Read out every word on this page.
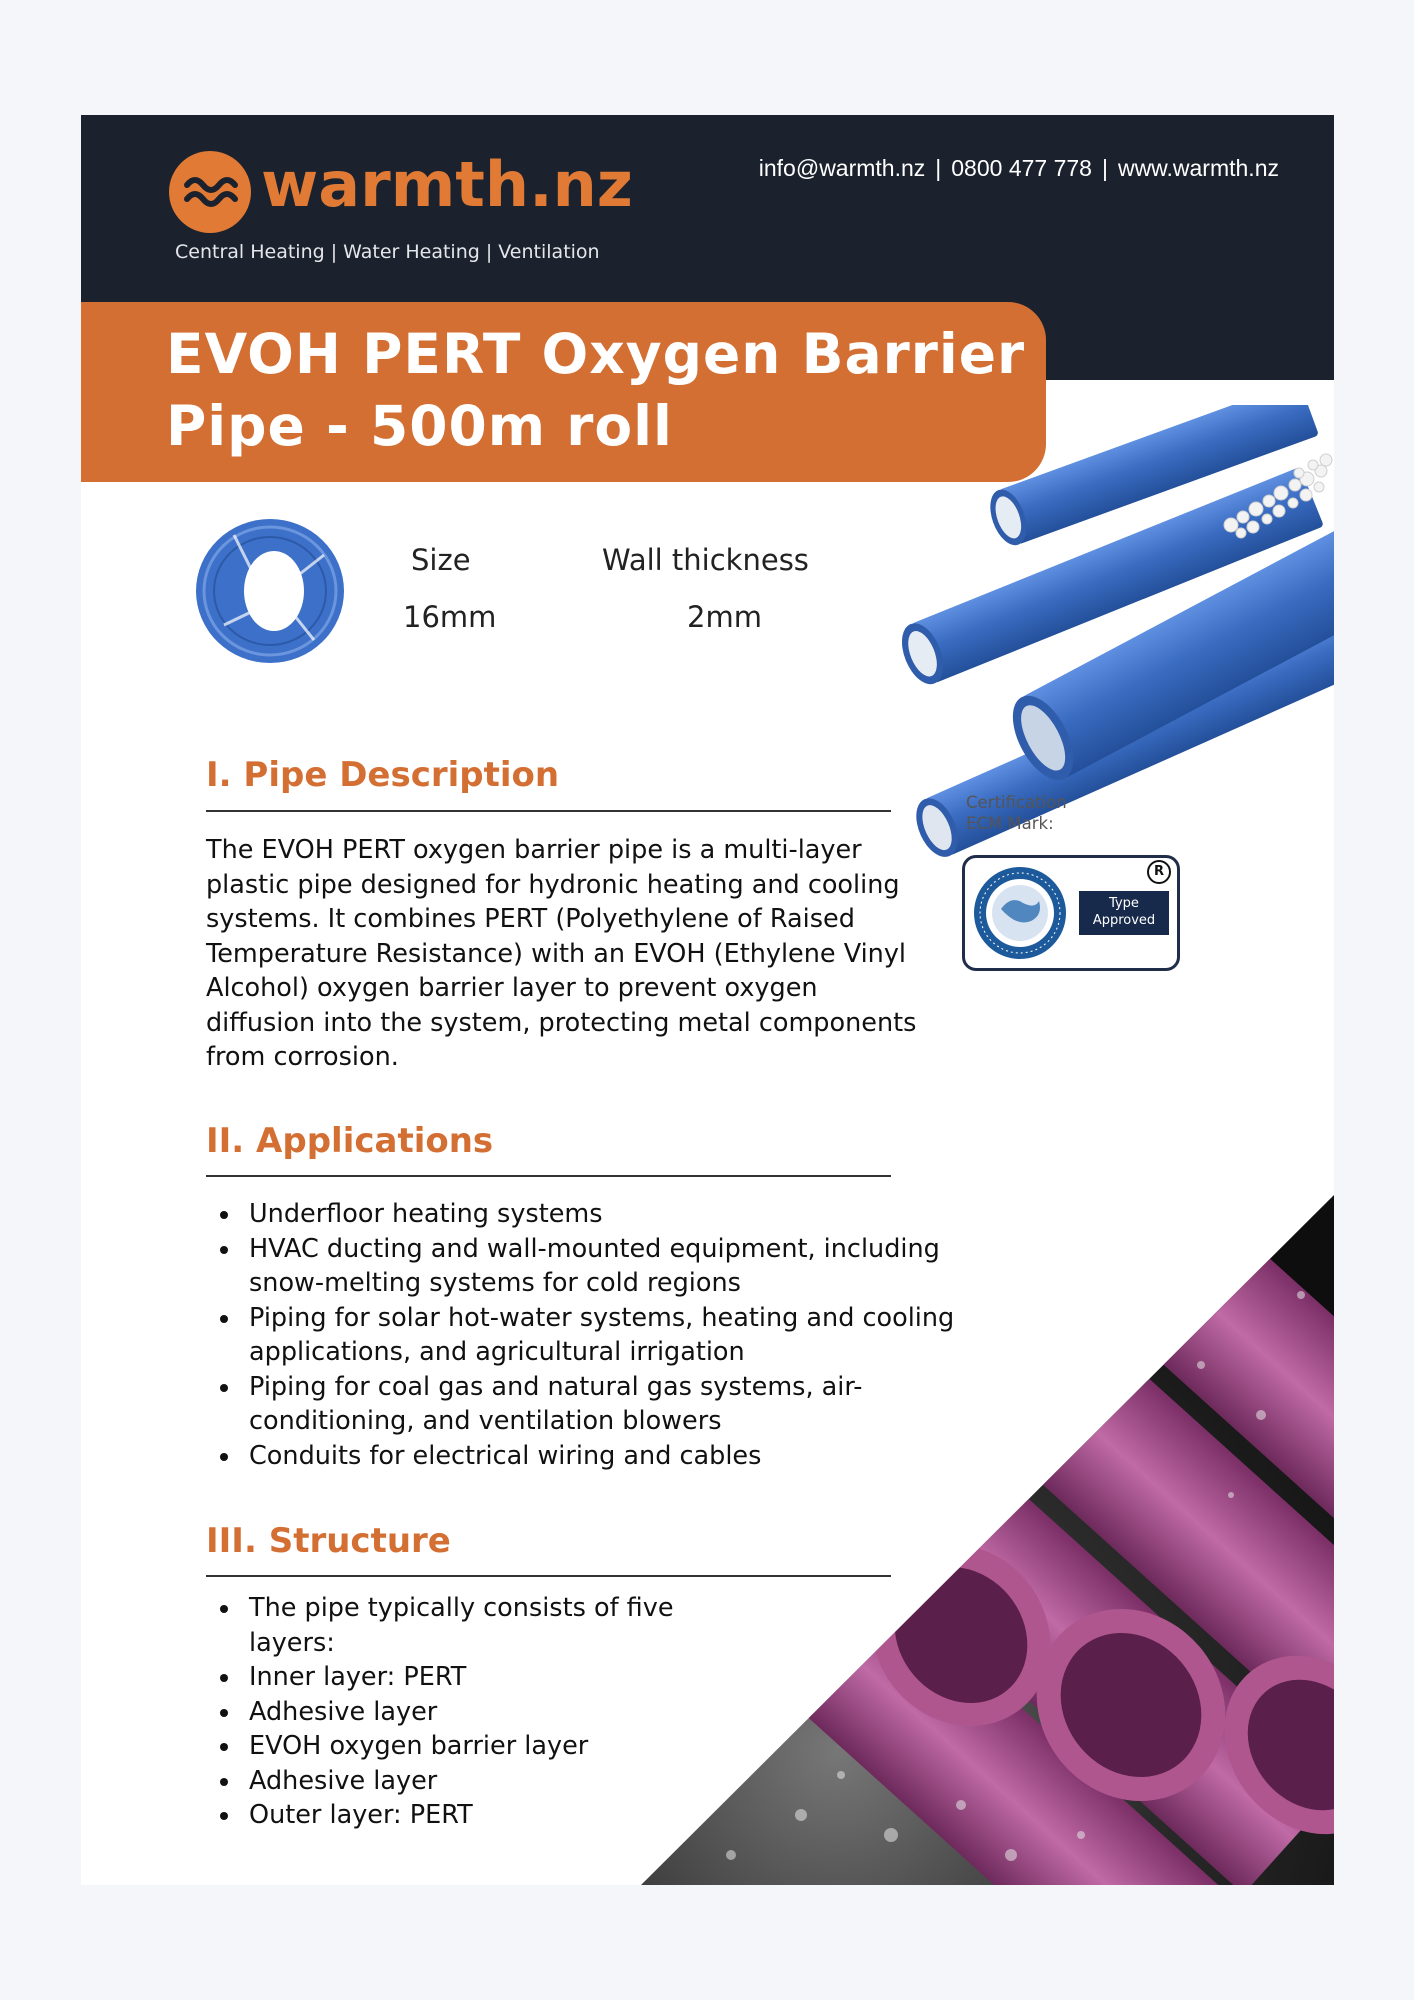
warmth.nz
Central Heating | Water Heating | Ventilation
info@warmth.nz | 0800 477 778 | www.warmth.nz
EVOH PERT Oxygen Barrier
Pipe - 500m roll
Size
16mm
Wall thickness
2mm
I. Pipe Description

The EVOH PERT oxygen barrier pipe is a multi-layer plastic pipe designed for hydronic heating and cooling systems. It combines PERT (Polyethylene of Raised Temperature Resistance) with an EVOH (Ethylene Vinyl Alcohol) oxygen barrier layer to prevent oxygen diffusion into the system, protecting metal components from corrosion.

Certification
ECM Mark:
Type
Approved
R
II. Applications
Underfloor heating systems
HVAC ducting and wall-mounted equipment, including snow-melting systems for cold regions
Piping for solar hot-water systems, heating and cooling applications, and agricultural irrigation
Piping for coal gas and natural gas systems, air-conditioning, and ventilation blowers
Conduits for electrical wiring and cables
III. Structure
The pipe typically consists of five layers:
Inner layer: PERT
Adhesive layer
EVOH oxygen barrier layer
Adhesive layer
Outer layer: PERT
